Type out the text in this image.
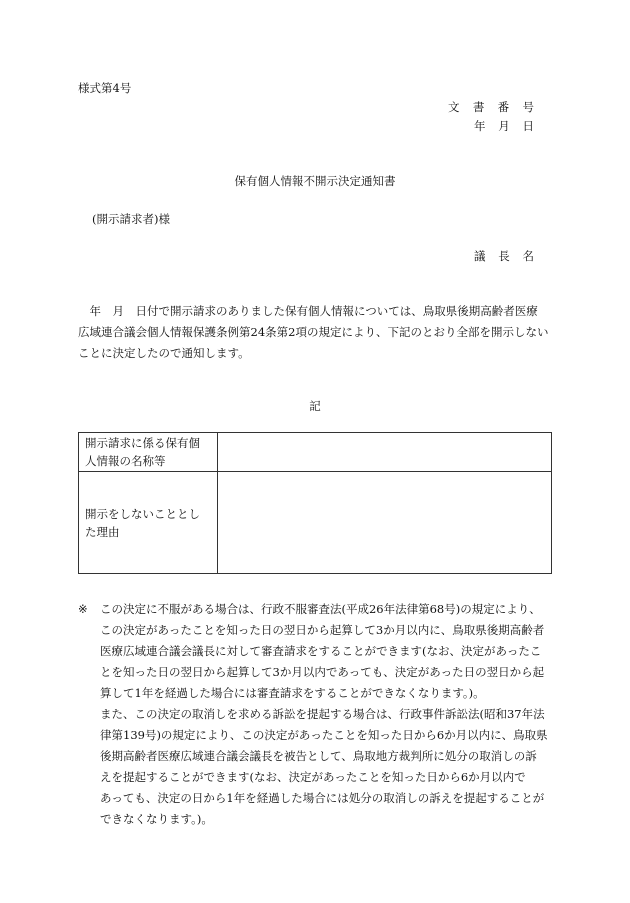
様式第4号
文書番号
年月日
保有個人情報不開示決定通知書
(開示請求者)様
議長名
　年　月　日付で開示請求のありました保有個人情報については、鳥取県後期高齢者医療
広域連合議会個人情報保護条例第24条第2項の規定により、下記のとおり全部を開示しない
ことに決定したので通知します。
記
開示請求に係る保有個
人情報の名称等	

開示をしないこととし
た理由	

※ この決定に不服がある場合は、行政不服審査法(平成26年法律第68号)の規定により、
この決定があったことを知った日の翌日から起算して3か月以内に、鳥取県後期高齢者
医療広域連合議会議長に対して審査請求をすることができます(なお、決定があったこ
とを知った日の翌日から起算して3か月以内であっても、決定があった日の翌日から起
算して1年を経過した場合には審査請求をすることができなくなります。)。
また、この決定の取消しを求める訴訟を提起する場合は、行政事件訴訟法(昭和37年法
律第139号)の規定により、この決定があったことを知った日から6か月以内に、鳥取県
後期高齢者医療広域連合議会議長を被告として、鳥取地方裁判所に処分の取消しの訴
えを提起することができます(なお、決定があったことを知った日から6か月以内で
あっても、決定の日から1年を経過した場合には処分の取消しの訴えを提起することが
できなくなります。)。
